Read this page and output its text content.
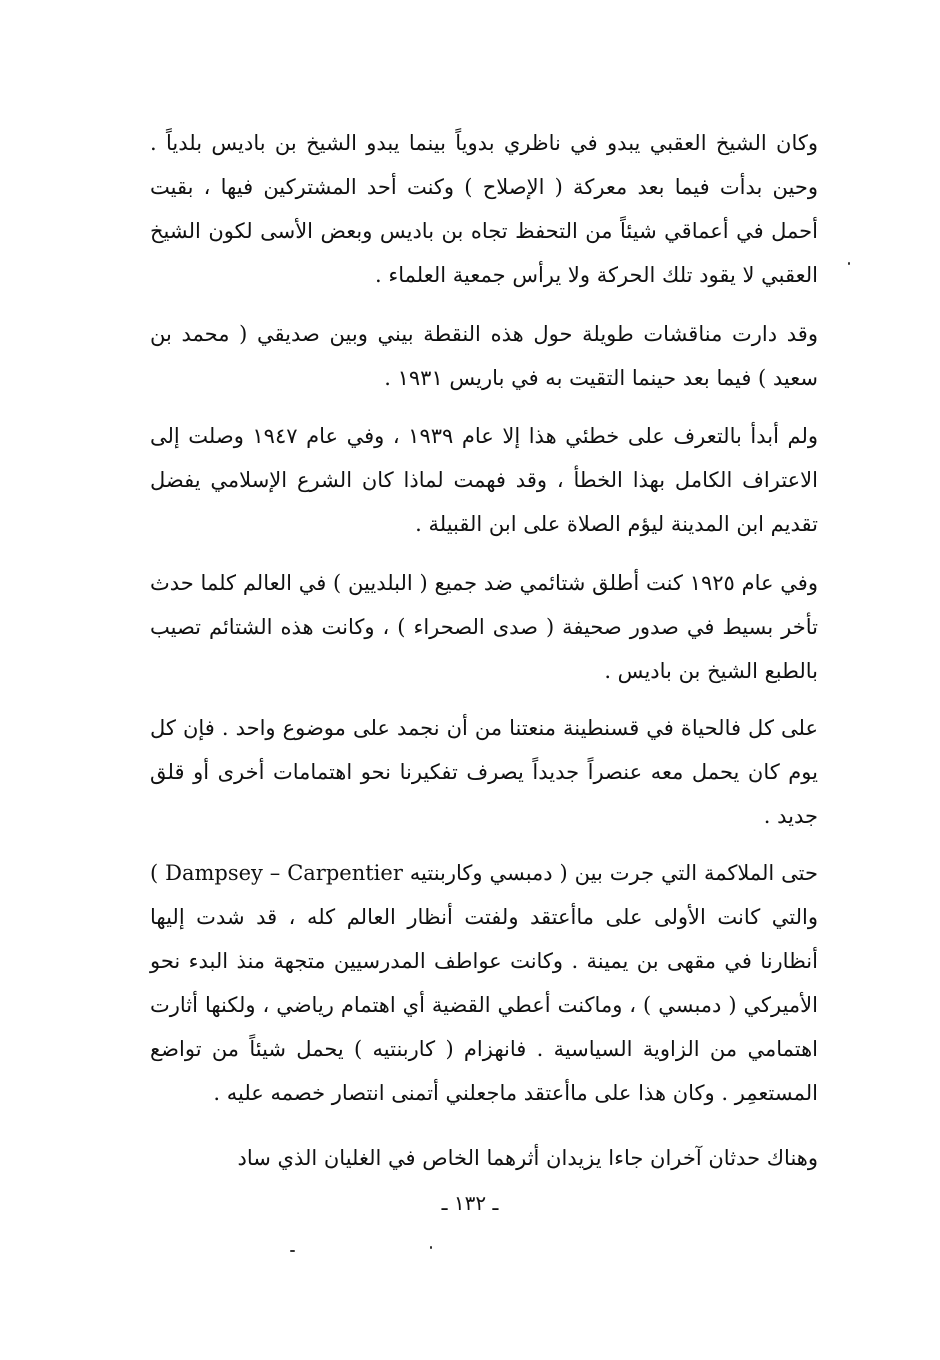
وكان الشيخ العقبي يبدو في ناظري بدوياً بينما يبدو الشيخ بن باديس بلدياً . وحين بدأت فيما بعد معركة ( الإصلاح ) وكنت أحد المشتركين فيها ، بقيت أحمل في أعماقي شيئاً من التحفظ تجاه بن باديس وبعض الأسى لكون الشيخ العقبي لا يقود تلك الحركة ولا يرأس جمعية العلماء .

وقد دارت مناقشات طويلة حول هذه النقطة بيني وبين صديقي ( محمد بن سعيد ) فيما بعد حينما التقيت به في باريس ١٩٣١ .

ولم أبدأ بالتعرف على خطئي هذا إلا عام ١٩٣٩ ، وفي عام ١٩٤٧ وصلت إلى الاعتراف الكامل بهذا الخطأ ، وقد فهمت لماذا كان الشرع الإسلامي يفضل تقديم ابن المدينة ليؤم الصلاة على ابن القبيلة .

وفي عام ١٩٢٥ كنت أطلق شتائمي ضد جميع ( البلديين ) في العالم كلما حدث تأخر بسيط في صدور صحيفة ( صدى الصحراء ) ، وكانت هذه الشتائم تصيب بالطبع الشيخ بن باديس .

على كل فالحياة في قسنطينة منعتنا من أن نجمد على موضوع واحد . فإن كل يوم كان يحمل معه عنصراً جديداً يصرف تفكيرنا نحو اهتمامات أخرى أو قلق جديد .

حتى الملاكمة التي جرت بين ( دمبسي وكاربنتيه Dampsey – Carpentier ) والتي كانت الأولى على ماأعتقد ولفتت أنظار العالم كله ، قد شدت إليها أنظارنا في مقهى بن يمينة . وكانت عواطف المدرسيين متجهة منذ البدء نحو الأميركي ( دمبسي ) ، وماكنت أعطي القضية أي اهتمام رياضي ، ولكنها أثارت اهتمامي من الزاوية السياسية . فانهزام ( كاربنتيه ) يحمل شيئاً من تواضع المستعمِر . وكان هذا على ماأعتقد ماجعلني أتمنى انتصار خصمه عليه .

وهناك حدثان آخران جاءا يزيدان أثرهما الخاص في الغليان الذي ساد

ـ ١٣٢ ـ
